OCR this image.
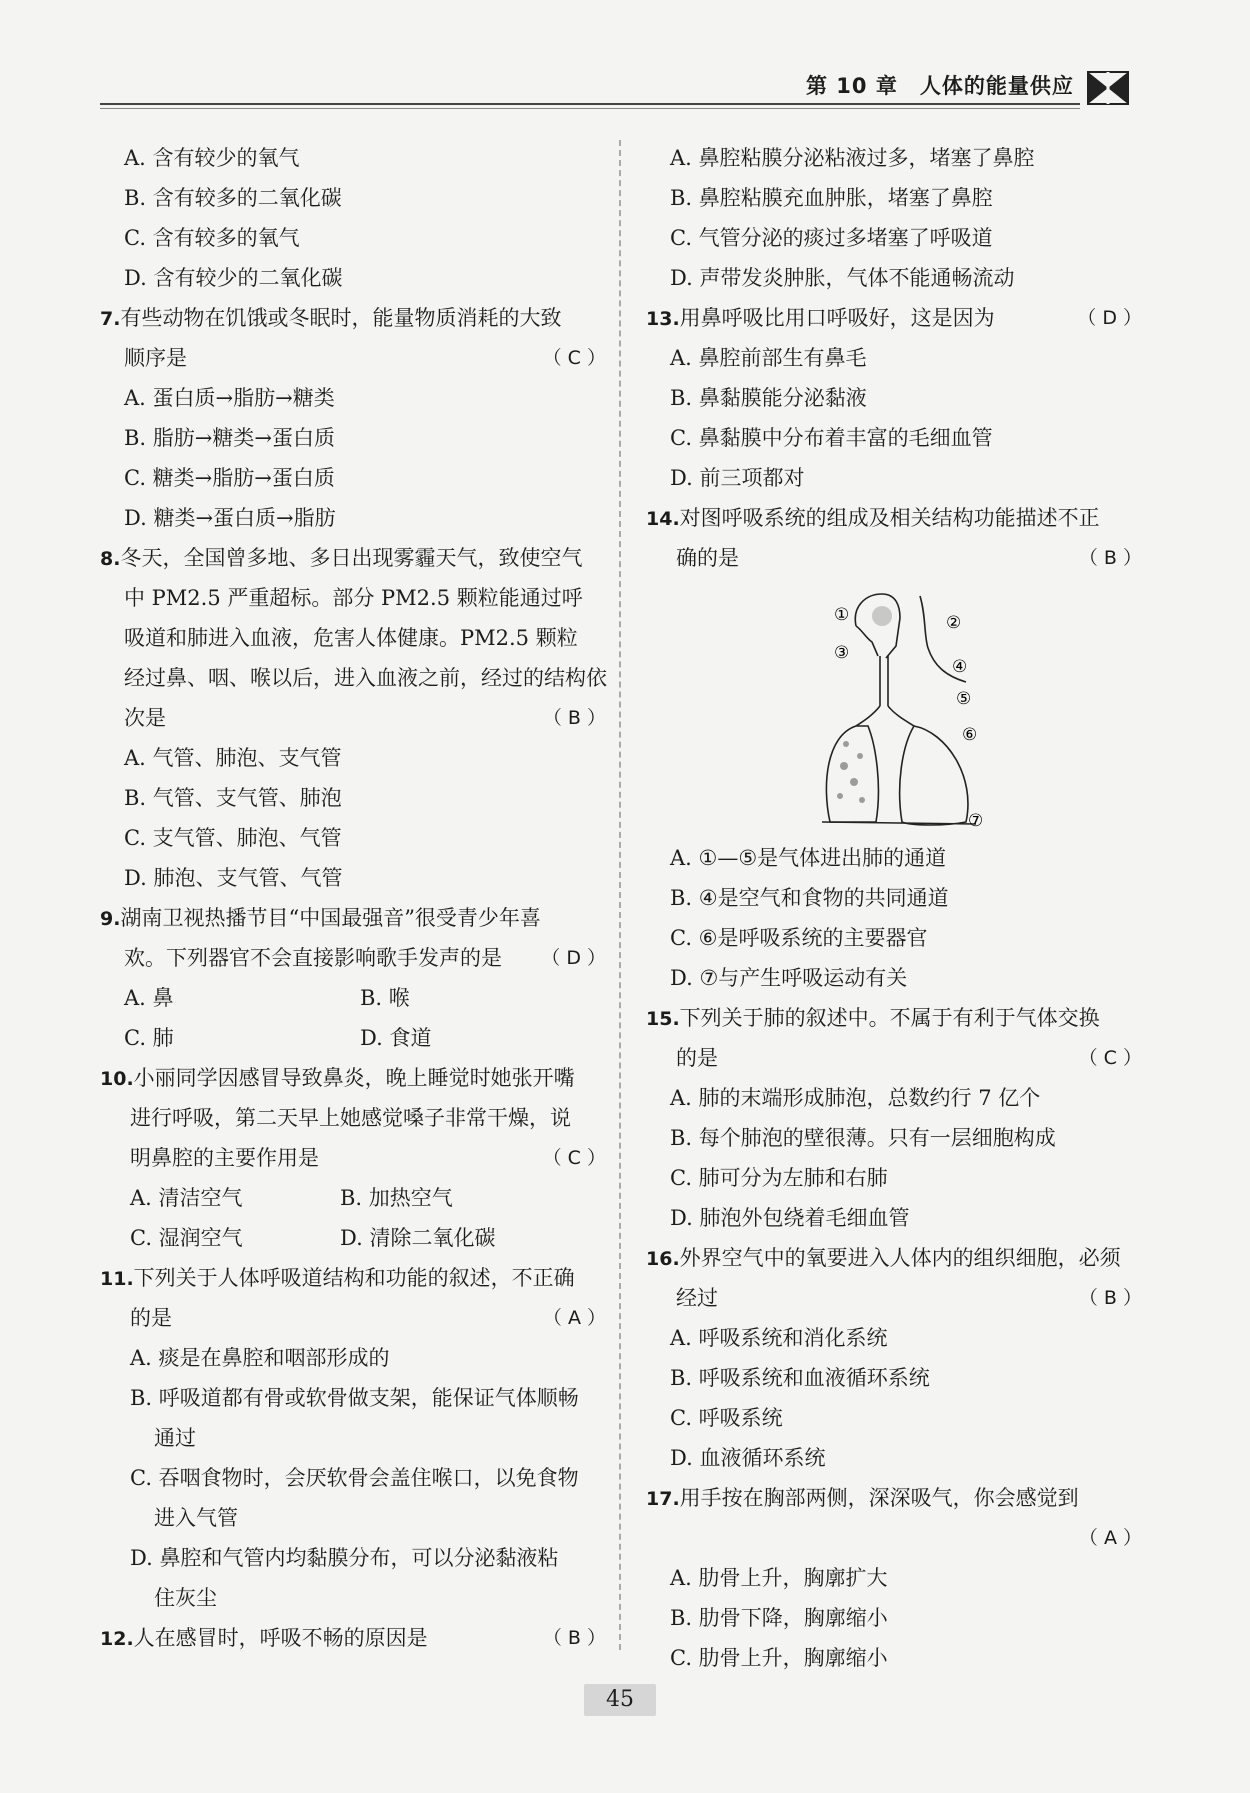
第 10 章　人体的能量供应
A. 含有较少的氧气
B. 含有较多的二氧化碳
C. 含有较多的氧气
D. 含有较少的二氧化碳
7.有些动物在饥饿或冬眠时，能量物质消耗的大致
顺序是	（ C ）
A. 蛋白质→脂肪→糖类
B. 脂肪→糖类→蛋白质
C. 糖类→脂肪→蛋白质
D. 糖类→蛋白质→脂肪
8.冬天，全国曾多地、多日出现雾霾天气，致使空气
中 PM2.5 严重超标。部分 PM2.5 颗粒能通过呼
吸道和肺进入血液，危害人体健康。PM2.5 颗粒
经过鼻、咽、喉以后，进入血液之前，经过的结构依
次是	（ B ）
A. 气管、肺泡、支气管
B. 气管、支气管、肺泡
C. 支气管、肺泡、气管
D. 肺泡、支气管、气管
9.湖南卫视热播节目“中国最强音”很受青少年喜
欢。下列器官不会直接影响歌手发声的是 （ D ）
A. 鼻	B. 喉
C. 肺	D. 食道
10.小丽同学因感冒导致鼻炎，晚上睡觉时她张开嘴
进行呼吸，第二天早上她感觉嗓子非常干燥，说
明鼻腔的主要作用是	（ C ）
A. 清洁空气	B. 加热空气
C. 湿润空气	D. 清除二氧化碳
11.下列关于人体呼吸道结构和功能的叙述，不正确
的是	（ A ）
A. 痰是在鼻腔和咽部形成的
B. 呼吸道都有骨或软骨做支架，能保证气体顺畅
通过
C. 吞咽食物时，会厌软骨会盖住喉口，以免食物
进入气管
D. 鼻腔和气管内均黏膜分布，可以分泌黏液粘
住灰尘
12.人在感冒时，呼吸不畅的原因是	（ B ）
A. 鼻腔粘膜分泌粘液过多，堵塞了鼻腔
B. 鼻腔粘膜充血肿胀，堵塞了鼻腔
C. 气管分泌的痰过多堵塞了呼吸道
D. 声带发炎肿胀，气体不能通畅流动
13.用鼻呼吸比用口呼吸好，这是因为	（ D ）
A. 鼻腔前部生有鼻毛
B. 鼻黏膜能分泌黏液
C. 鼻黏膜中分布着丰富的毛细血管
D. 前三项都对
14.对图呼吸系统的组成及相关结构功能描述不正
确的是	（ B ）
①	②
③
④
⑤
⑥
⑦
A. ①—⑤是气体进出肺的通道
B. ④是空气和食物的共同通道
C. ⑥是呼吸系统的主要器官
D. ⑦与产生呼吸运动有关
15.下列关于肺的叙述中。不属于有利于气体交换
的是	（ C ）
A. 肺的末端形成肺泡，总数约行 7 亿个
B. 每个肺泡的壁很薄。只有一层细胞构成
C. 肺可分为左肺和右肺
D. 肺泡外包绕着毛细血管
16.外界空气中的氧要进入人体内的组织细胞，必须
经过	（ B ）
A. 呼吸系统和消化系统
B. 呼吸系统和血液循环系统
C. 呼吸系统
D. 血液循环系统
17.用手按在胸部两侧，深深吸气，你会感觉到
（ A ）
A. 肋骨上升，胸廓扩大
B. 肋骨下降，胸廓缩小
C. 肋骨上升，胸廓缩小
45
